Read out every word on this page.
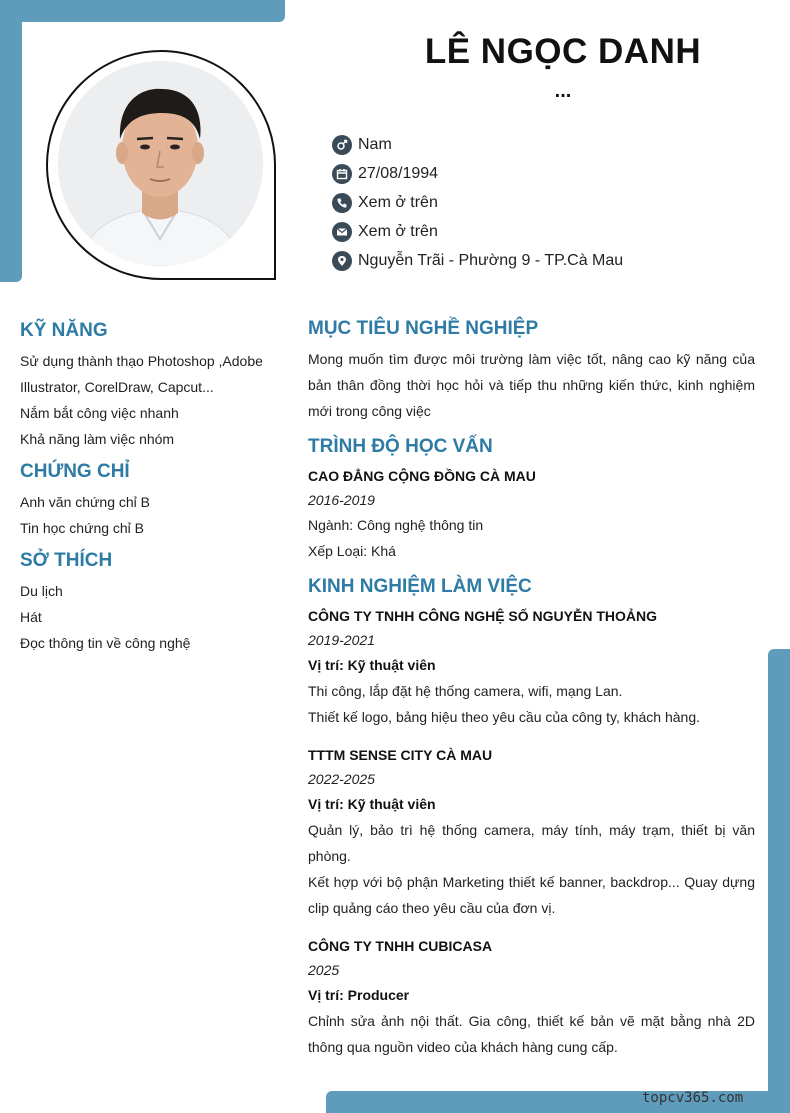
LÊ NGỌC DANH
...
Nam
27/08/1994
Xem ở trên
Xem ở trên
Nguyễn Trãi - Phường 9 - TP.Cà Mau
KỸ NĂNG
Sử dụng thành thạo Photoshop ,Adobe
Illustrator, CorelDraw, Capcut...
Nắm bắt công việc nhanh
Khả năng làm việc nhóm
CHỨNG CHỈ
Anh văn chứng chỉ B
Tin học chứng chỉ B
SỞ THÍCH
Du lịch
Hát
Đọc thông tin về công nghệ
MỤC TIÊU NGHỀ NGHIỆP
Mong muốn tìm được môi trường làm việc tốt, nâng cao kỹ năng của bản thân đồng thời học hỏi và tiếp thu những kiến thức, kinh nghiệm mới trong công việc
TRÌNH ĐỘ HỌC VẤN
CAO ĐẲNG CỘNG ĐỒNG CÀ MAU
2016-2019
Ngành: Công nghệ thông tin
Xếp Loại: Khá
KINH NGHIỆM LÀM VIỆC
CÔNG TY TNHH CÔNG NGHỆ SỐ NGUYỄN THOẢNG
2019-2021
Vị trí: Kỹ thuật viên
Thi công, lắp đặt hệ thống camera, wifi, mạng Lan.
Thiết kế logo, bảng hiệu theo yêu cầu của công ty, khách hàng.
TTTM SENSE CITY CÀ MAU
2022-2025
Vị trí: Kỹ thuật viên
Quản lý, bảo trì hệ thống camera, máy tính, máy trạm, thiết bị văn phòng.
Kết hợp với bộ phận Marketing thiết kế banner, backdrop... Quay dựng clip quảng cáo theo yêu cầu của đơn vị.
CÔNG TY TNHH CUBICASA
2025
Vị trí: Producer
Chỉnh sửa ảnh nội thất. Gia công, thiết kế bản vẽ mặt bằng nhà 2D thông qua nguồn video của khách hàng cung cấp.
topcv365.com
